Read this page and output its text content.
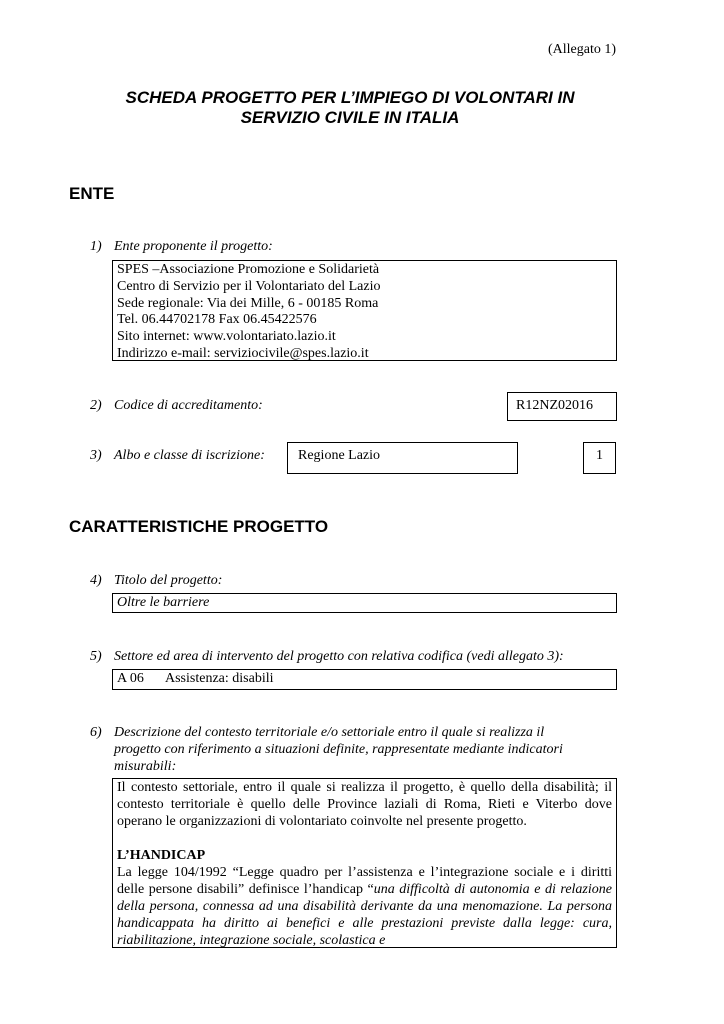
(Allegato 1)
SCHEDA PROGETTO PER L’IMPIEGO DI VOLONTARI IN
SERVIZIO CIVILE IN ITALIA
ENTE
1) Ente proponente il progetto:
SPES –Associazione Promozione e Solidarietà
Centro di Servizio per il Volontariato del Lazio
Sede regionale: Via dei Mille, 6 - 00185 Roma
Tel. 06.44702178 Fax 06.45422576
Sito internet: www.volontariato.lazio.it
Indirizzo e-mail: serviziocivile@spes.lazio.it
2) Codice di accreditamento:	R12NZ02016
3) Albo e classe di iscrizione:	Regione Lazio	1
CARATTERISTICHE PROGETTO
4) Titolo del progetto:
Oltre le barriere
5) Settore ed area di intervento del progetto con relativa codifica (vedi allegato 3):
A 06 Assistenza: disabili
6) Descrizione del contesto territoriale e/o settoriale entro il quale si realizza il
progetto con riferimento a situazioni definite, rappresentate mediante indicatori
misurabili:

Il contesto settoriale, entro il quale si realizza il progetto, è quello della disabilità; il contesto territoriale è quello delle Province laziali di Roma, Rieti e Viterbo dove operano le organizzazioni di volontariato coinvolte nel presente progetto.

L’HANDICAP

La legge 104/1992 “Legge quadro per l’assistenza e l’integrazione sociale e i diritti delle persone disabili” definisce l’handicap “una difficoltà di autonomia e di relazione della persona, connessa ad una disabilità derivante da una menomazione. La persona handicappata ha diritto ai benefici e alle prestazioni previste dalla legge: cura, riabilitazione, integrazione sociale, scolastica e
